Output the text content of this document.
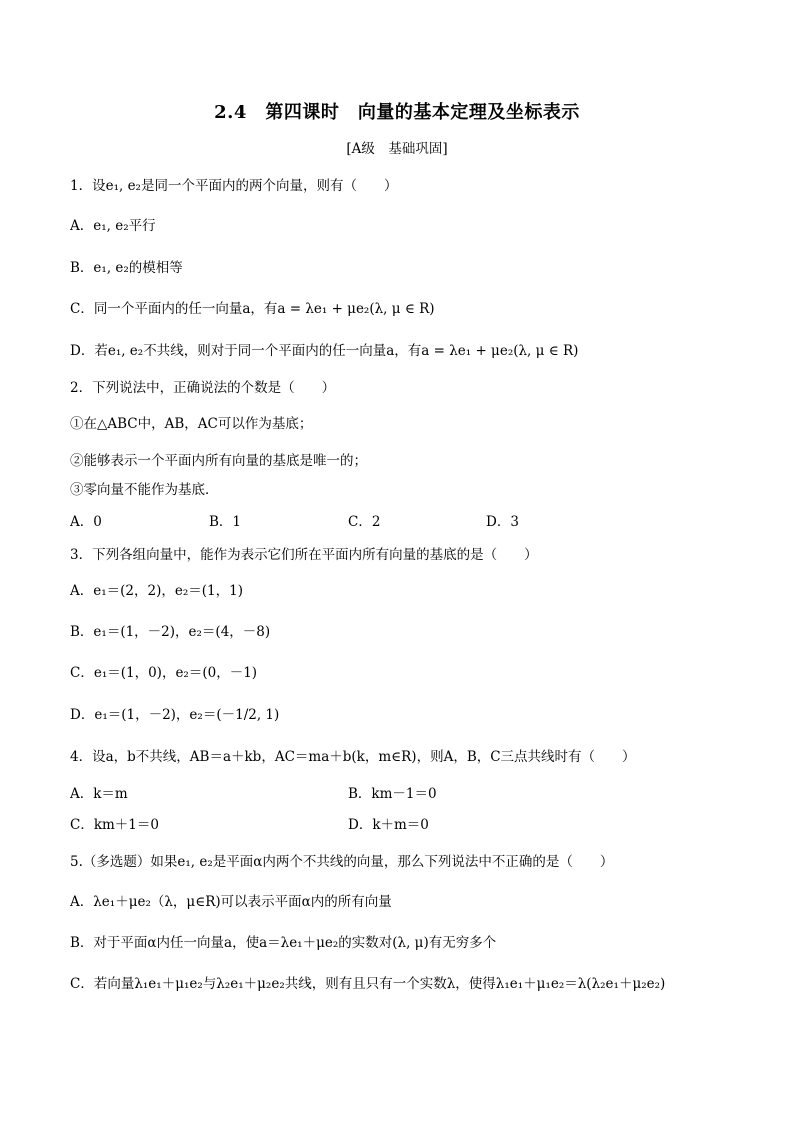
2.4　第四课时　向量的基本定理及坐标表示
[A级　基础巩固]
1．设e₁, e₂是同一个平面内的两个向量，则有（　　）
A．e₁, e₂平行
B．e₁, e₂的模相等
C．同一个平面内的任一向量a，有a = λe₁ + μe₂(λ, μ ∈ R)
D．若e₁, e₂不共线，则对于同一个平面内的任一向量a，有a = λe₁ + μe₂(λ, μ ∈ R)
2．下列说法中，正确说法的个数是（　　）
①在△ABC中，AB，AC可以作为基底；
②能够表示一个平面内所有向量的基底是唯一的；
③零向量不能作为基底．
A．0	B．1	C．2	D．3
3．下列各组向量中，能作为表示它们所在平面内所有向量的基底的是（　　）
A．e₁＝(2，2)，e₂＝(1，1)
B．e₁＝(1，－2)，e₂＝(4，－8)
C．e₁＝(1，0)，e₂＝(0，－1)
D．e₁＝(1，－2)，e₂＝(－1/2, 1)
4．设a，b不共线，AB＝a＋kb，AC＝ma＋b(k，m∈R)，则A，B，C三点共线时有（　　）
A．k＝m	B．km－1＝0
C．km＋1＝0	D．k＋m＝0
5.（多选题）如果e₁, e₂是平面α内两个不共线的向量，那么下列说法中不正确的是（　　）
A．λe₁＋μe₂（λ，μ∈R)可以表示平面α内的所有向量
B．对于平面α内任一向量a，使a＝λe₁＋μe₂的实数对(λ, μ)有无穷多个
C．若向量λ₁e₁＋μ₁e₂与λ₂e₁＋μ₂e₂共线，则有且只有一个实数λ，使得λ₁e₁＋μ₁e₂＝λ(λ₂e₁＋μ₂e₂)
